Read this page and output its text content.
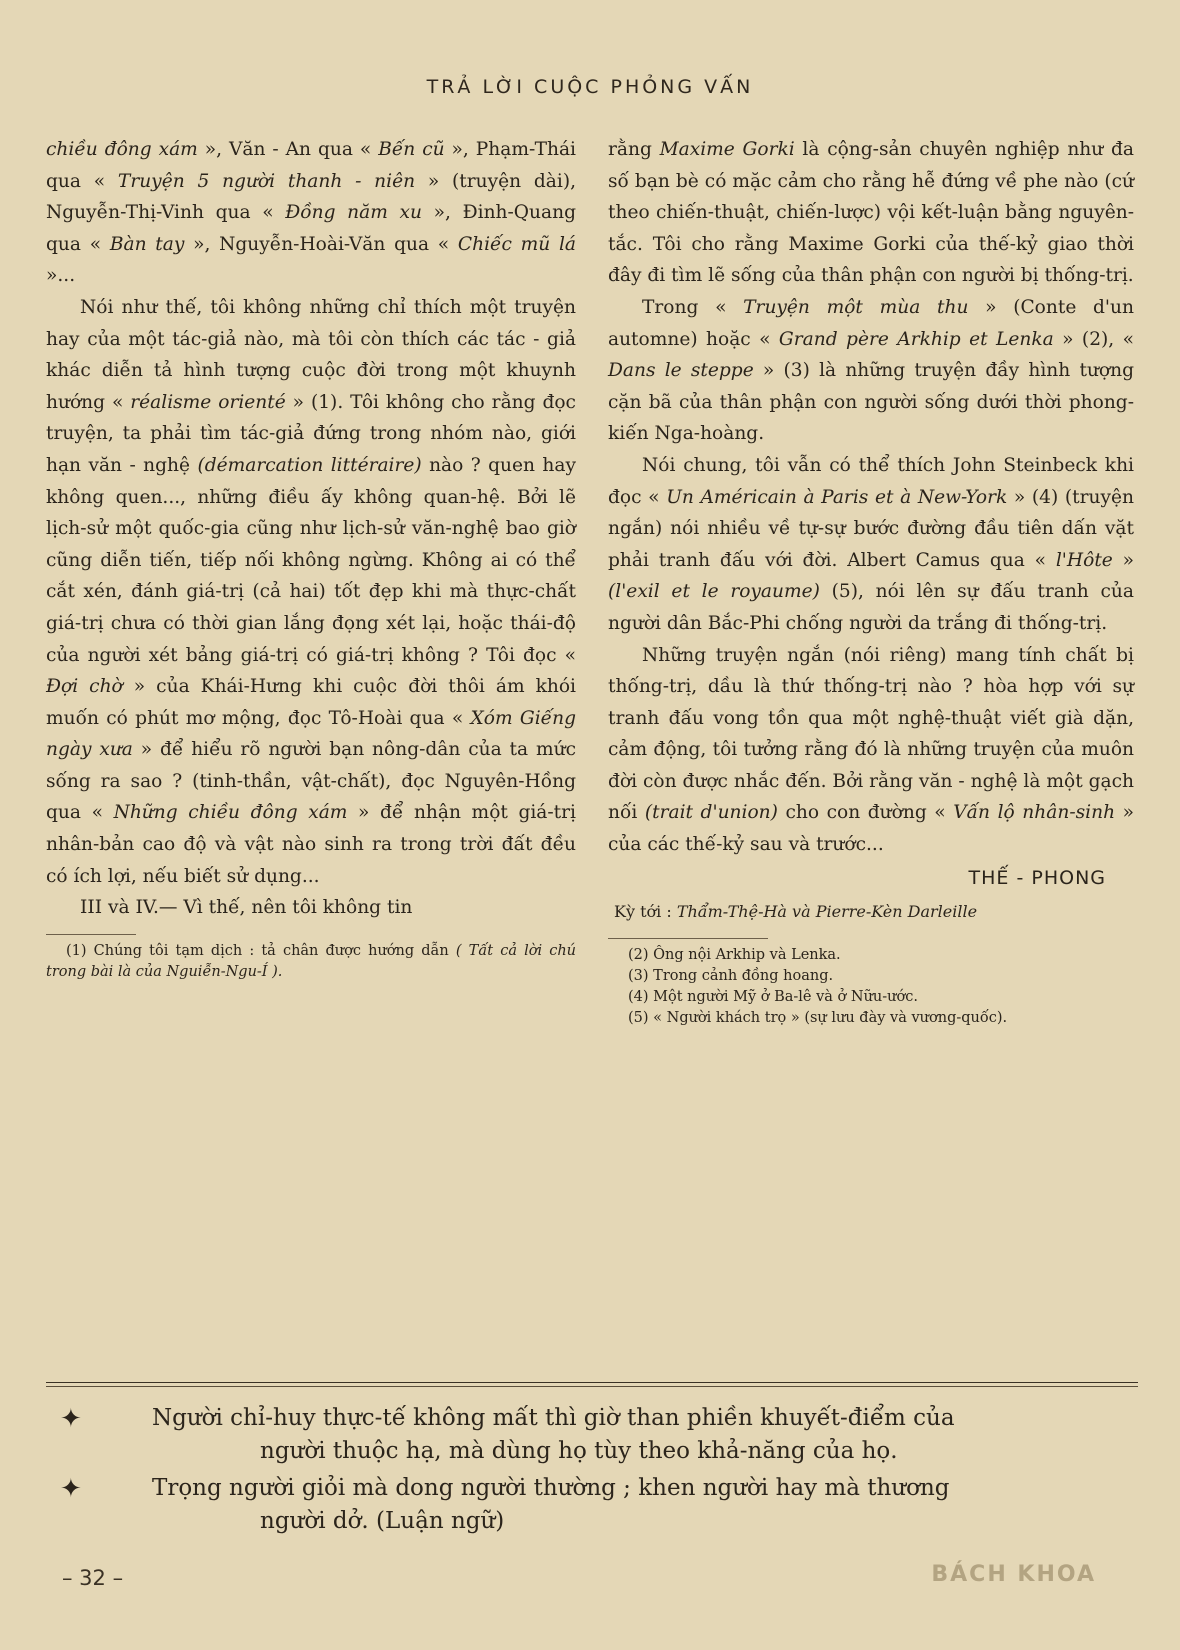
TRẢ LỜI CUỘC PHỎNG VẤN

chiều đông xám », Văn - An qua « Bến cũ », Phạm-Thái qua « Truyện 5 người thanh - niên » (truyện dài), Nguyễn-Thị-Vinh qua « Đồng năm xu », Đinh-Quang qua « Bàn tay », Nguyễn-Hoài-Văn qua « Chiếc mũ lá »...

Nói như thế, tôi không những chỉ thích một truyện hay của một tác-giả nào, mà tôi còn thích các tác - giả khác diễn tả hình tượng cuộc đời trong một khuynh hướng « réalisme orienté » (1). Tôi không cho rằng đọc truyện, ta phải tìm tác-giả đứng trong nhóm nào, giới hạn văn - nghệ (démarcation littéraire) nào ? quen hay không quen..., những điều ấy không quan-hệ. Bởi lẽ lịch-sử một quốc-gia cũng như lịch-sử văn-nghệ bao giờ cũng diễn tiến, tiếp nối không ngừng. Không ai có thể cắt xén, đánh giá-trị (cả hai) tốt đẹp khi mà thực-chất giá-trị chưa có thời gian lắng đọng xét lại, hoặc thái-độ của người xét bảng giá-trị có giá-trị không ? Tôi đọc « Đợi chờ » của Khái-Hưng khi cuộc đời thôi ám khói muốn có phút mơ mộng, đọc Tô-Hoài qua « Xóm Giếng ngày xưa » để hiểu rõ người bạn nông-dân của ta mức sống ra sao ? (tinh-thần, vật-chất), đọc Nguyên-Hồng qua « Những chiều đông xám » để nhận một giá-trị nhân-bản cao độ và vật nào sinh ra trong trời đất đều có ích lợi, nếu biết sử dụng...

III và IV.— Vì thế, nên tôi không tin

(1) Chúng tôi tạm dịch : tả chân được hướng dẫn ( Tất cả lời chú trong bài là của Nguiễn-Ngu-Í ).

rằng Maxime Gorki là cộng-sản chuyên nghiệp như đa số bạn bè có mặc cảm cho rằng hễ đứng về phe nào (cứ theo chiến-thuật, chiến-lược) vội kết-luận bằng nguyên-tắc. Tôi cho rằng Maxime Gorki của thế-kỷ giao thời đây đi tìm lẽ sống của thân phận con người bị thống-trị.

Trong « Truyện một mùa thu » (Conte d'un automne) hoặc « Grand père Arkhip et Lenka » (2), « Dans le steppe » (3) là những truyện đầy hình tượng cặn bã của thân phận con người sống dưới thời phong-kiến Nga-hoàng.

Nói chung, tôi vẫn có thể thích John Steinbeck khi đọc « Un Américain à Paris et à New-York » (4) (truyện ngắn) nói nhiều về tự-sự bước đường đầu tiên dấn vặt phải tranh đấu với đời. Albert Camus qua « l'Hôte » (l'exil et le royaume) (5), nói lên sự đấu tranh của người dân Bắc-Phi chống người da trắng đi thống-trị.

Những truyện ngắn (nói riêng) mang tính chất bị thống-trị, dầu là thứ thống-trị nào ? hòa hợp với sự tranh đấu vong tồn qua một nghệ-thuật viết già dặn, cảm động, tôi tưởng rằng đó là những truyện của muôn đời còn được nhắc đến. Bởi rằng văn - nghệ là một gạch nối (trait d'union) cho con đường « Vấn lộ nhân-sinh » của các thế-kỷ sau và trước...

THẾ - PHONG
Kỳ tới : Thẩm-Thệ-Hà và Pierre-Kèn Darleille

(2) Ông nội Arkhip và Lenka.

(3) Trong cảnh đồng hoang.

(4) Một người Mỹ ở Ba-lê và ở Nữu-ước.

(5) « Người khách trọ » (sự lưu đày và vương-quốc).

✦	Người chỉ-huy thực-tế không mất thì giờ than phiền khuyết-điểm của
người thuộc hạ, mà dùng họ tùy theo khả-năng của họ.
✦	Trọng người giỏi mà dong người thường ; khen người hay mà thương
người dở. (Luận ngữ)
– 32 –	BÁCH KHOA
